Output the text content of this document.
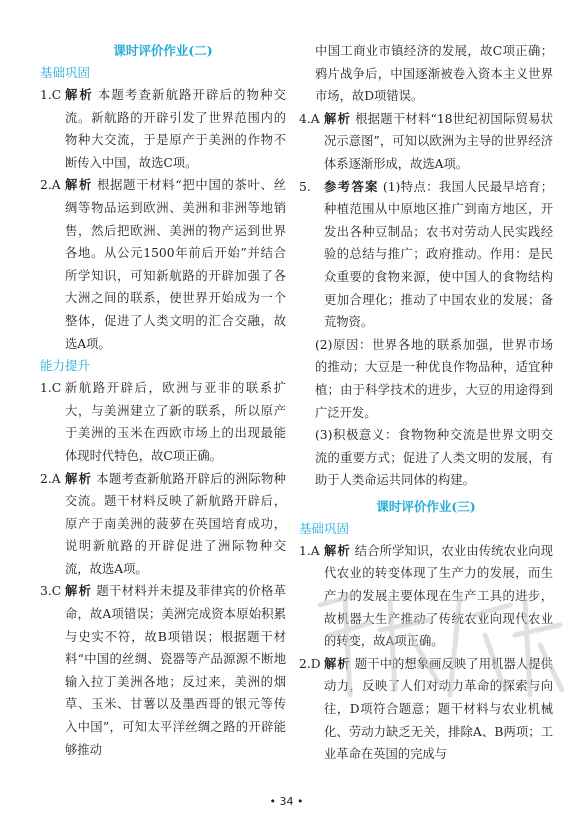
课时评价作业(二)
基础巩固
1.C 解析 本题考查新航路开辟后的物种交流。新航路的开辟引发了世界范围内的物种大交流，于是原产于美洲的作物不断传入中国，故选C项。
2.A 解析 根据题干材料“把中国的茶叶、丝绸等物品运到欧洲、美洲和非洲等地销售，然后把欧洲、美洲的物产运到世界各地。从公元1500年前后开始”并结合所学知识，可知新航路的开辟加强了各大洲之间的联系，使世界开始成为一个整体，促进了人类文明的汇合交融，故选A项。
能力提升
1.C 新航路开辟后，欧洲与亚非的联系扩大，与美洲建立了新的联系，所以原产于美洲的玉米在西欧市场上的出现最能体现时代特色，故C项正确。
2.A 解析 本题考查新航路开辟后的洲际物种交流。题干材料反映了新航路开辟后，原产于南美洲的菠萝在英国培育成功，说明新航路的开辟促进了洲际物种交流，故选A项。
3.C 解析 题干材料并未提及菲律宾的价格革命，故A项错误；美洲完成资本原始积累与史实不符，故B项错误；根据题干材料“中国的丝绸、瓷器等产品源源不断地输入拉丁美洲各地；反过来，美洲的烟草、玉米、甘薯以及墨西哥的银元等传入中国”，可知太平洋丝绸之路的开辟能够推动
中国工商业市镇经济的发展，故C项正确；鸦片战争后，中国逐渐被卷入资本主义世界市场，故D项错误。
4.A 解析 根据题干材料“18世纪初国际贸易状况示意图”，可知以欧洲为主导的世界经济体系逐渐形成，故选A项。
5. 参考答案 (1)特点：我国人民最早培育；种植范围从中原地区推广到南方地区，开发出各种豆制品；农书对劳动人民实践经验的总结与推广；政府推动。作用：是民众重要的食物来源，使中国人的食物结构更加合理化；推动了中国农业的发展；备荒物资。
(2)原因：世界各地的联系加强，世界市场的推动；大豆是一种优良作物品种，适宜种植；由于科学技术的进步，大豆的用途得到广泛开发。
(3)积极意义：食物物种交流是世界文明交流的重要方式；促进了人类文明的发展，有助于人类命运共同体的构建。
课时评价作业(三)
基础巩固
1.A 解析 结合所学知识，农业由传统农业向现代农业的转变体现了生产力的发展，而生产力的发展主要体现在生产工具的进步，故机器大生产推动了传统农业向现代农业的转变，故A项正确。
2.D 解析 题干中的想象画反映了用机器人提供动力，反映了人们对动力革命的探索与向往，D项符合题意；题干材料与农业机械化、劳动力缺乏无关，排除A、B两项；工业革命在英国的完成与
• 34 •
